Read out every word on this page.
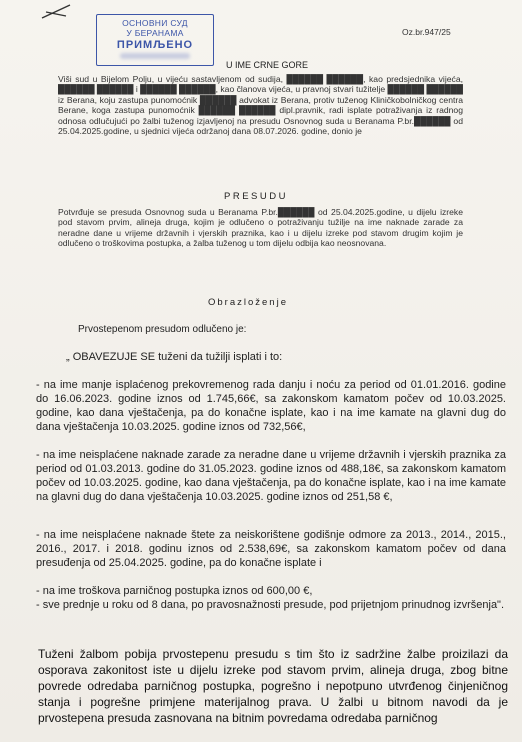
ОСНОВНИ СУД
У БЕРАНАМА
ПРИМЉЕНО
Oz.br.947/25
U IME CRNE GORE
Viši sud u Bijelom Polju, u vijeću sastavljenom od sudija, ██████ ██████, kao predsjednika vijeća, ██████ ██████ i ██████ ██████, kao članova vijeća, u pravnoj stvari tužitelje ██████ ██████ iz Berana, koju zastupa punomoćnik ██████ advokat iz Berana, protiv tuženog Kliničkobolničkog centra Berane, koga zastupa punomoćnik ██████ ██████ dipl.pravnik, radi isplate potraživanja iz radnog odnosa odlučujući po žalbi tuženog izjavljenoj na presudu Osnovnog suda u Beranama P.br.██████ od 25.04.2025.godine, u sjednici vijeća održanoj dana 08.07.2026. godine, donio je
PRESUDU
Potvrđuje se presuda Osnovnog suda u Beranama P.br.██████ od 25.04.2025.godine, u dijelu izreke pod stavom prvim, alineja druga, kojim je odlučeno o potraživanju tužilje na ime naknade zarade za neradne dane u vrijeme državnih i vjerskih praznika, kao i u dijelu izreke pod stavom drugim kojim je odlučeno o troškovima postupka, a žalba tuženog u tom dijelu odbija kao neosnovana.
Obrazloženje
Prvostepenom presudom odlučeno je:
„ OBAVEZUJE SE tuženi da tužilji isplati i to:
- na ime manje isplaćenog prekovremenog rada danju i noću za period od 01.01.2016. godine do 16.06.2023. godine iznos od 1.745,66€, sa zakonskom kamatom počev od 10.03.2025. godine, kao dana vještačenja, pa do konačne isplate, kao i na ime kamate na glavni dug do dana vještačenja 10.03.2025. godine iznos od 732,56€,
- na ime neisplaćene naknade zarade za neradne dane u vrijeme državnih i vjerskih praznika za period od 01.03.2013. godine do 31.05.2023. godine iznos od 488,18€, sa zakonskom kamatom počev od 10.03.2025. godine, kao dana vještačenja, pa do konačne isplate, kao i na ime kamate na glavni dug do dana vještačenja 10.03.2025. godine iznos od 251,58 €,
- na ime neisplaćene naknade štete za neiskorištene godišnje odmore za 2013., 2014., 2015., 2016., 2017. i 2018. godinu iznos od 2.538,69€, sa zakonskom kamatom počev od dana presuđenja od 25.04.2025. godine, pa do konačne isplate i
- na ime troškova parničnog postupka iznos od 600,00 €,
- sve prednje u roku od 8 dana, po pravosnažnosti presude, pod prijetnjom prinudnog izvršenja".
Tuženi žalbom pobija prvostepenu presudu s tim što iz sadržine žalbe proizilazi da osporava zakonitost iste u dijelu izreke pod stavom prvim, alineja druga, zbog bitne povrede odredaba parničnog postupka, pogrešno i nepotpuno utvrđenog činjeničnog stanja i pogrešne primjene materijalnog prava. U žalbi u bitnom navodi da je prvostepena presuda zasnovana na bitnim povredama odredaba parničnog
